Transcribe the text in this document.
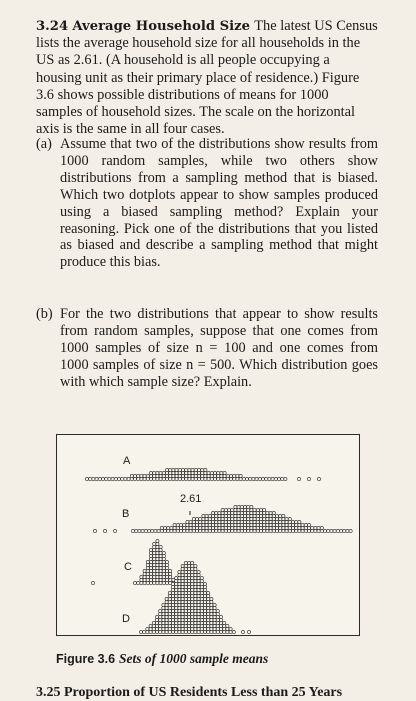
3.24 Average Household Size The latest US Census lists the average household size for all households in the US as 2.61. (A household is all people occupying a housing unit as their primary place of residence.) Figure 3.6 shows possible distributions of means for 1000 samples of household sizes. The scale on the horizontal axis is the same in all four cases.
(a) Assume that two of the distributions show results from 1000 random samples, while two others show distributions from a sampling method that is biased. Which two dotplots appear to show samples produced using a biased sampling method? Explain your reasoning. Pick one of the distributions that you listed as biased and describe a sampling method that might produce this bias.
(b) For the two distributions that appear to show results from random samples, suppose that one comes from 1000 samples of size n = 100 and one comes from 1000 samples of size n = 500. Which distribution goes with which sample size? Explain.
A
2.61
B
C
D
Figure 3.6 Sets of 1000 sample means
3.25 Proportion of US Residents Less than 25 Years
